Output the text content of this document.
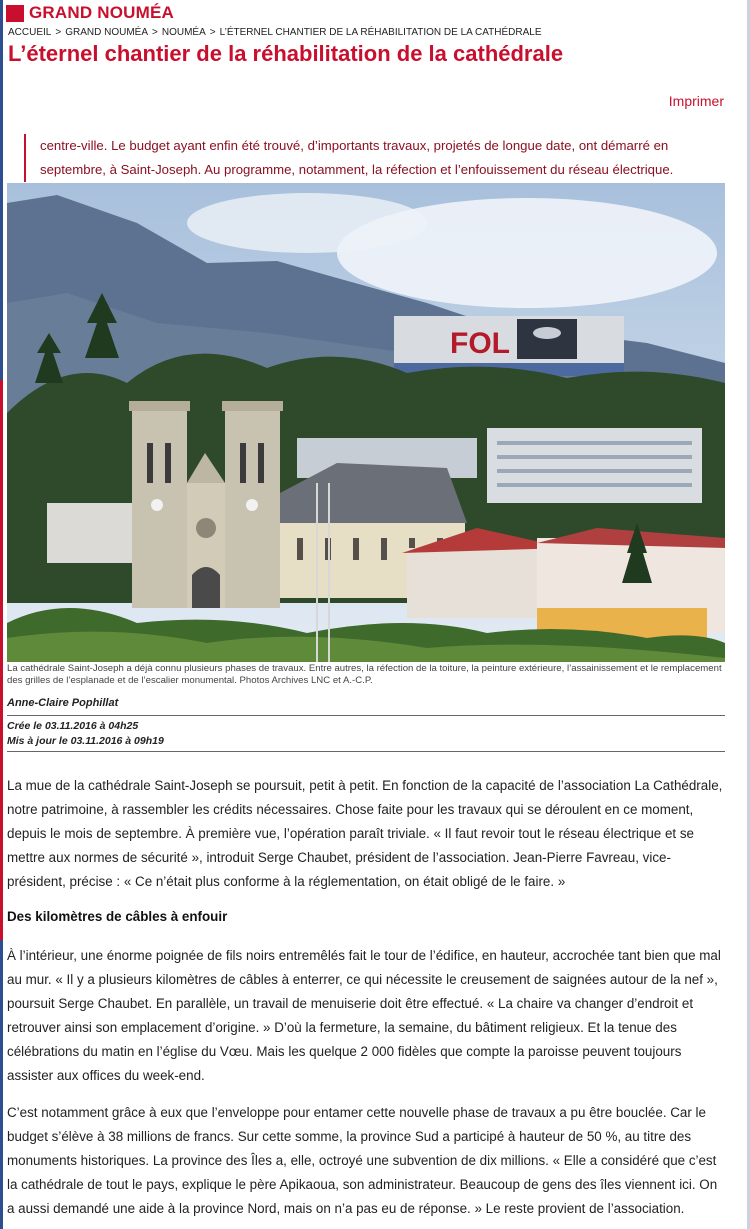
GRAND NOUMÉA
ACCUEIL > GRAND NOUMÉA > NOUMÉA > L’ÉTERNEL CHANTIER DE LA RÉHABILITATION DE LA CATHÉDRALE
L’éternel chantier de la réhabilitation de la cathédrale
Imprimer
centre-ville. Le budget ayant enfin été trouvé, d’importants travaux, projetés de longue date, ont démarré en septembre, à Saint-Joseph. Au programme, notamment, la réfection et l’enfouissement du réseau électrique.
FOL
La cathédrale Saint-Joseph a déjà connu plusieurs phases de travaux. Entre autres, la réfection de la toiture, la peinture extérieure, l’assainissement et le remplacement des grilles de l’esplanade et de l’escalier monumental. Photos Archives LNC et A.-C.P.
Anne-Claire Pophillat
Crée le 03.11.2016 à 04h25
Mis à jour le 03.11.2016 à 09h19

La mue de la cathédrale Saint-Joseph se poursuit, petit à petit. En fonction de la capacité de l’association La Cathédrale, notre patrimoine, à rassembler les crédits nécessaires. Chose faite pour les travaux qui se déroulent en ce moment, depuis le mois de septembre. À première vue, l’opération paraît triviale. « Il faut revoir tout le réseau électrique et se mettre aux normes de sécurité », introduit Serge Chaubet, président de l’association. Jean-Pierre Favreau, vice-président, précise : « Ce n’était plus conforme à la réglementation, on était obligé de le faire. »

Des kilomètres de câbles à enfouir

À l’intérieur, une énorme poignée de fils noirs entremêlés fait le tour de l’édifice, en hauteur, accrochée tant bien que mal au mur. « Il y a plusieurs kilomètres de câbles à enterrer, ce qui nécessite le creusement de saignées autour de la nef », poursuit Serge Chaubet. En parallèle, un travail de menuiserie doit être effectué. « La chaire va changer d’endroit et retrouver ainsi son emplacement d’origine. » D’où la fermeture, la semaine, du bâtiment religieux. Et la tenue des célébrations du matin en l’église du Vœu. Mais les quelque 2 000 fidèles que compte la paroisse peuvent toujours assister aux offices du week-end.

C’est notamment grâce à eux que l’enveloppe pour entamer cette nouvelle phase de travaux a pu être bouclée. Car le budget s’élève à 38 millions de francs. Sur cette somme, la province Sud a participé à hauteur de 50 %, au titre des monuments historiques. La province des Îles a, elle, octroyé une subvention de dix millions. « Elle a considéré que c’est la cathédrale de tout le pays, explique le père Apikaoua, son administrateur. Beaucoup de gens des îles viennent ici. On a aussi demandé une aide à la province Nord, mais on n’a pas eu de réponse. » Le reste provient de l’association.
